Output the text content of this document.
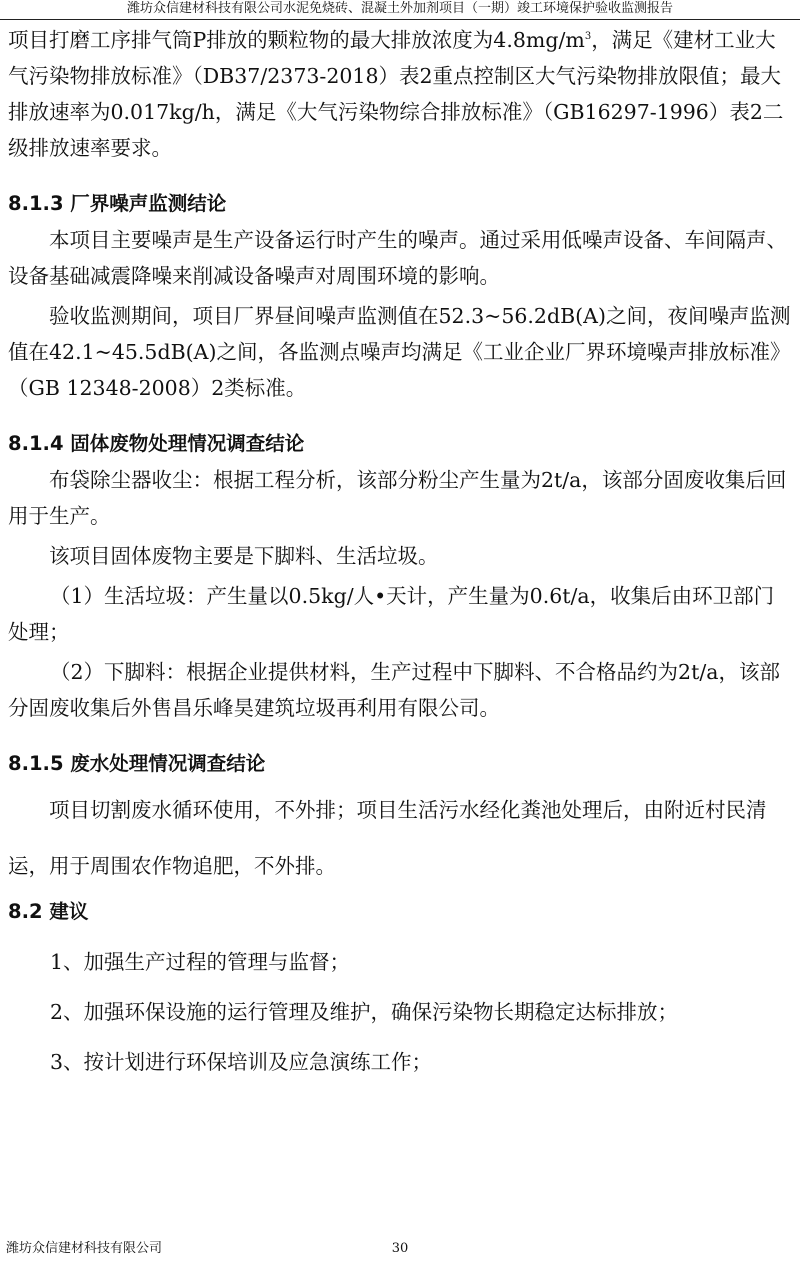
潍坊众信建材科技有限公司水泥免烧砖、混凝土外加剂项目（一期）竣工环境保护验收监测报告

项目打磨工序排气筒P排放的颗粒物的最大排放浓度为$4.8mg/m^3$，满足《建材工业大气污染物排放标准》（DB37/2373-2018）表2重点控制区大气污染物排放限值；最大排放速率为0.017kg/h，满足《大气污染物综合排放标准》（GB16297-1996）表2二级排放速率要求。

8.1.3 厂界噪声监测结论

本项目主要噪声是生产设备运行时产生的噪声。通过采用低噪声设备、车间隔声、设备基础减震降噪来削减设备噪声对周围环境的影响。

验收监测期间，项目厂界昼间噪声监测值在52.3~56.2dB(A)之间，夜间噪声监测值在42.1~45.5dB(A)之间，各监测点噪声均满足《工业企业厂界环境噪声排放标准》（GB 12348-2008）2类标准。

8.1.4 固体废物处理情况调查结论

布袋除尘器收尘：根据工程分析，该部分粉尘产生量为2t/a，该部分固废收集后回用于生产。

该项目固体废物主要是下脚料、生活垃圾。

（1）生活垃圾：产生量以0.5kg/人•天计，产生量为0.6t/a，收集后由环卫部门处理；

（2）下脚料：根据企业提供材料，生产过程中下脚料、不合格品约为2t/a，该部分固废收集后外售昌乐峰昊建筑垃圾再利用有限公司。

8.1.5 废水处理情况调查结论

项目切割废水循环使用，不外排；项目生活污水经化粪池处理后，由附近村民清运，用于周围农作物追肥，不外排。

8.2 建议

1、加强生产过程的管理与监督；

2、加强环保设施的运行管理及维护，确保污染物长期稳定达标排放；

3、按计划进行环保培训及应急演练工作；

潍坊众信建材科技有限公司	30
